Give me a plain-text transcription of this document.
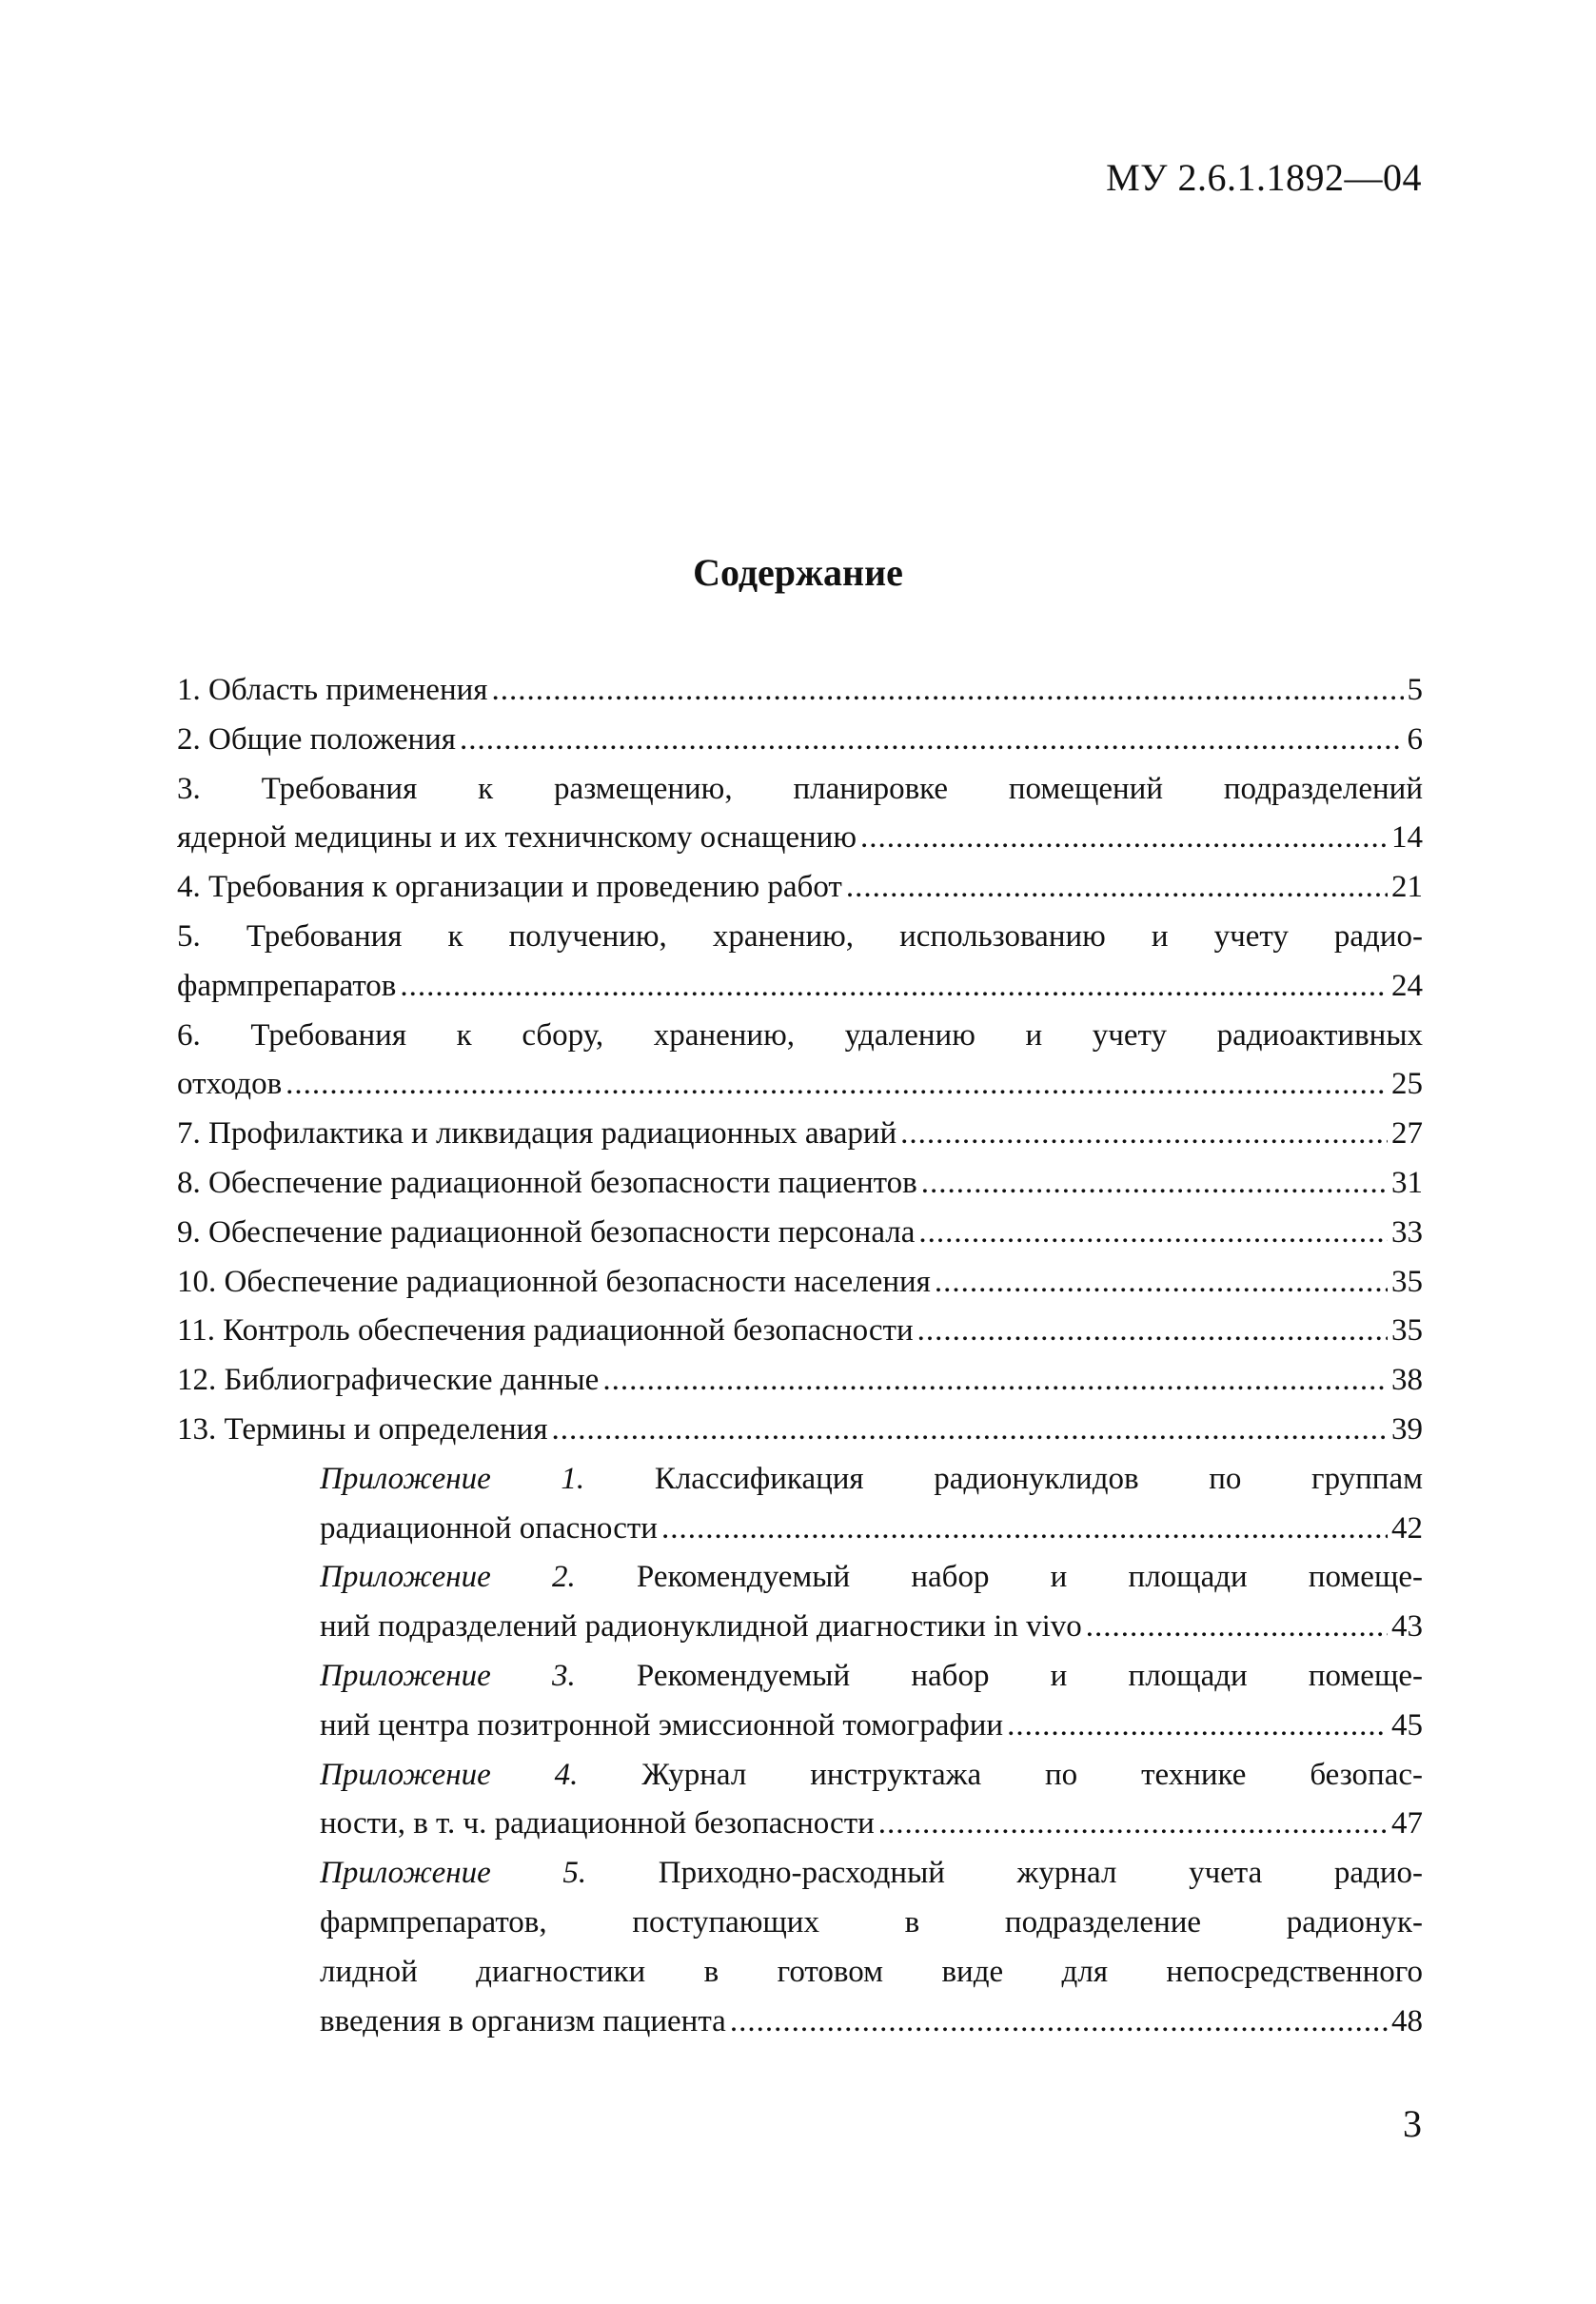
МУ 2.6.1.1892—04
Содержание
1. Область применения .....	5
2. Общие положения .....	6
3. Требования к размещению, планировке помещений подразделений
ядерной медицины и их техничнскому оснащению .....	14
4. Требования к организации и проведению работ .....	21
5. Требования к получению, хранению, использованию и учету радио-
фармпрепаратов .....	24
6. Требования к сбору, хранению, удалению и учету радиоактивных
отходов .....	25
7. Профилактика и ликвидация радиационных аварий .....	27
8. Обеспечение радиационной безопасности пациентов .....	31
9. Обеспечение радиационной безопасности персонала .....	33
10. Обеспечение радиационной безопасности населения .....	35
11. Контроль обеспечения радиационной безопасности .....	35
12. Библиографические данные .....	38
13. Термины и определения .....	39
Приложение 1. Классификация радионуклидов по группам
радиационной опасности .....	42
Приложение 2. Рекомендуемый набор и площади помеще-
ний подразделений радионуклидной диагностики in vivo .....	43
Приложение 3. Рекомендуемый набор и площади помеще-
ний центра позитронной эмиссионной томографии .....	45
Приложение 4. Журнал инструктажа по технике безопас-
ности, в т. ч. радиационной безопасности .....	47
Приложение 5. Приходно-расходный журнал учета радио-
фармпрепаратов, поступающих в подразделение радионук-
лидной диагностики в готовом виде для непосредственного
введения в организм пациента .....	48
3
